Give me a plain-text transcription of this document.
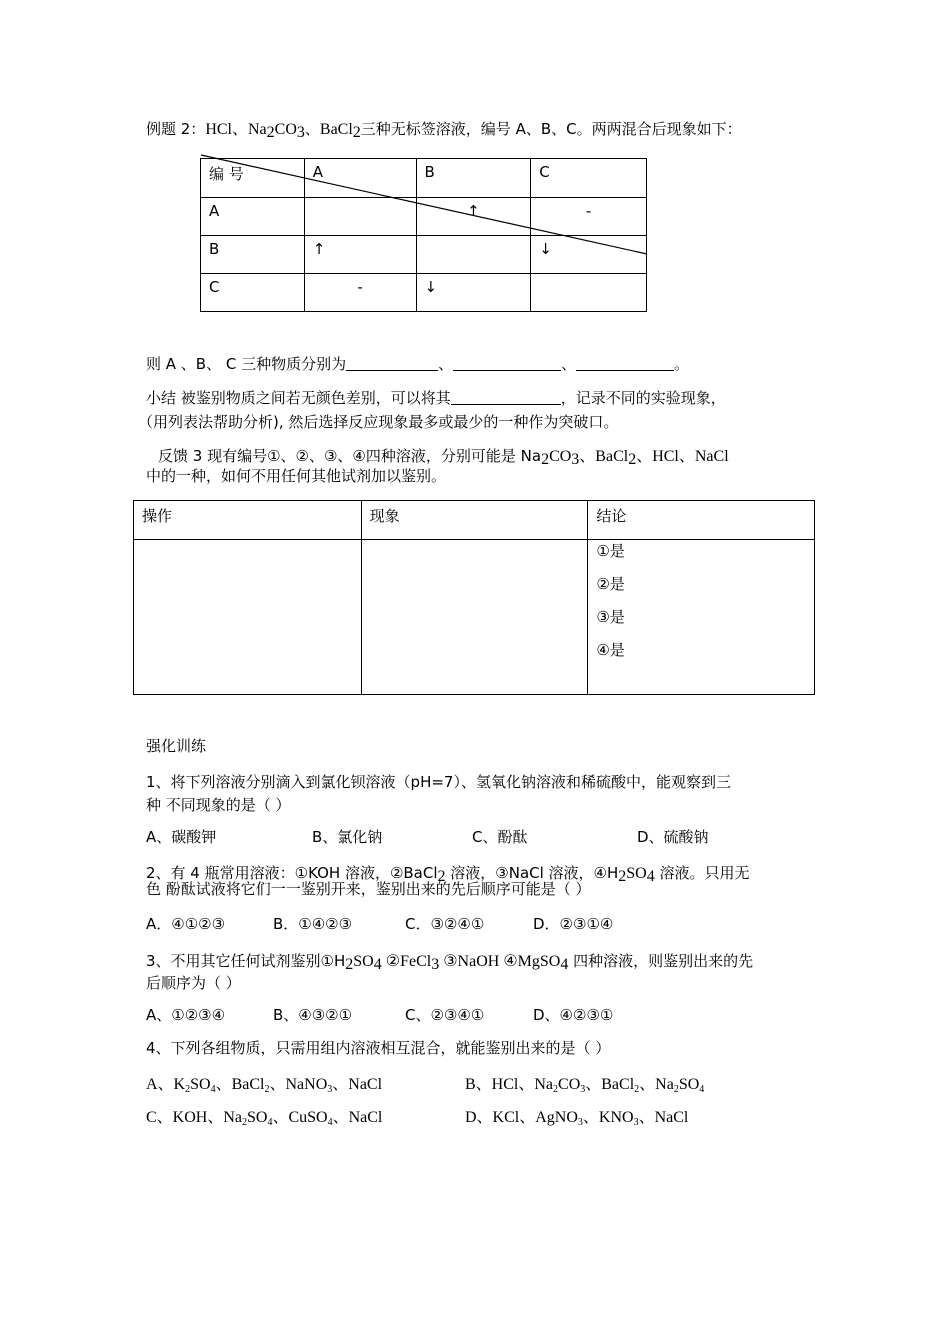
例题 2：HCl、$Na_2CO_3$、BaCl$_2$三种无标签溶液，编号 A、B、C。两两混合后现象如下：
编 号	A	B	C
A		↑	-
B	↑		↓
C	-	↓	
则 A 、B、 C 三种物质分别为	、	、	。
小结 被鉴别物质之间若无颜色差别，可以将其	，记录不同的实验现象，
（用列表法帮助分析), 然后选择反应现象最多或最少的一种作为突破口。
反馈 3 现有编号①、②、③、④四种溶液，分别可能是 $Na_2CO_3$、BaCl$_2$、HCl、NaCl
中的一种，如何不用任何其他试剂加以鉴别。
操作	现象	结论

		①是
②是
③是
④是
强化训练
1、将下列溶液分别滴入到氯化钡溶液（pH=7）、氢氧化钠溶液和稀硫酸中，能观察到三
种 不同现象的是（ ）
A、碳酸钾	B、氯化钠	C、酚酞	D、硫酸钠
2、有 4 瓶常用溶液：①KOH 溶液，②BaCl$_2$ 溶液，③NaCl 溶液，$④H_2SO_4$ 溶液。只用无
色 酚酞试液将它们一一鉴别开来，鉴别出来的先后顺序可能是（ ）
A．④①②③	B．①④②③	C．③②④①	D．②③①④
3、不用其它任何试剂鉴别$①H_2SO_4$ ②FeCl$_3$ ③NaOH ④MgSO$_4$ 四种溶液，则鉴别出来的先
后顺序为（ ）
A、①②③④	B、④③②①	C、②③④①	D、④②③①
4、下列各组物质，只需用组内溶液相互混合，就能鉴别出来的是（ ）
A、$K_2SO_4$、BaCl$_2$、NaNO$_3$、NaCl	B、HCl、$Na_2CO_3$、BaCl$_2$、$Na_2SO_4$
C、KOH、$Na_2SO_4$、CuSO$_4$、NaCl	D、KCl、AgNO$_3$、$KNO_3$、NaCl
